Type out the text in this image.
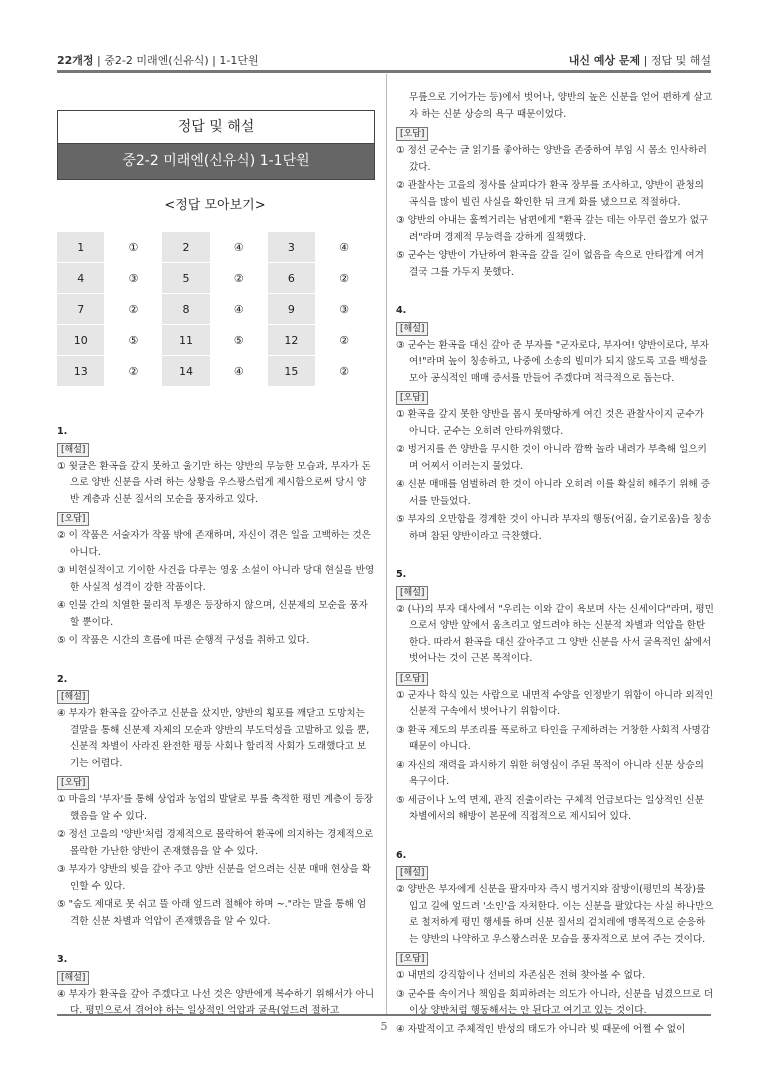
22개정 | 중2-2 미래엔(신유식) | 1-1단원	내신 예상 문제 | 정답 및 해설
정답 및 해설
중2-2 미래엔(신유식) 1-1단원
<정답 모아보기>
1	①	2	④	3	④
4	③	5	②	6	②
7	②	8	④	9	③
10	⑤	11	⑤	12	②
13	②	14	④	15	②
1.
[해설]
① 윗글은 환곡을 갚지 못하고 울기만 하는 양반의 무능한 모습과, 부자가 돈으로 양반 신분을 사려 하는 상황을 우스꽝스럽게 제시함으로써 당시 양반 계층과 신분 질서의 모순을 풍자하고 있다.
[오답]
② 이 작품은 서술자가 작품 밖에 존재하며, 자신이 겪은 일을 고백하는 것은 아니다.
③ 비현실적이고 기이한 사건을 다루는 영웅 소설이 아니라 당대 현실을 반영한 사실적 성격이 강한 작품이다.
④ 인물 간의 치열한 물리적 투쟁은 등장하지 않으며, 신분제의 모순을 풍자할 뿐이다.
⑤ 이 작품은 시간의 흐름에 따른 순행적 구성을 취하고 있다.
2.
[해설]
④ 부자가 환곡을 갚아주고 신분을 샀지만, 양반의 횡포를 깨닫고 도망치는 결말을 통해 신분제 자체의 모순과 양반의 부도덕성을 고발하고 있을 뿐, 신분적 차별이 사라진 완전한 평등 사회나 합리적 사회가 도래했다고 보기는 어렵다.
[오답]
① 마을의 '부자'를 통해 상업과 농업의 발달로 부를 축적한 평민 계층이 등장했음을 알 수 있다.
② 정선 고을의 '양반'처럼 경제적으로 몰락하여 환곡에 의지하는 경제적으로 몰락한 가난한 양반이 존재했음을 알 수 있다.
③ 부자가 양반의 빚을 갚아 주고 양반 신분을 얻으려는 신분 매매 현상을 확인할 수 있다.
⑤ "숨도 제대로 못 쉬고 뜰 아래 엎드려 절해야 하며 ~."라는 말을 통해 엄격한 신분 차별과 억압이 존재했음을 알 수 있다.
3.
[해설]
④ 부자가 환곡을 갚아 주겠다고 나선 것은 양반에게 복수하기 위해서가 아니다. 평민으로서 겪어야 하는 일상적인 억압과 굴욕(엎드려 절하고
무릎으로 기어가는 등)에서 벗어나, 양반의 높은 신분을 얻어 편하게 살고자 하는 신분 상승의 욕구 때문이었다.
[오답]
① 정선 군수는 글 읽기를 좋아하는 양반을 존중하여 부임 시 몸소 인사하러 갔다.
② 관찰사는 고을의 정사를 살피다가 환곡 장부를 조사하고, 양반이 관청의 곡식을 많이 빌린 사실을 확인한 뒤 크게 화를 냈으므로 적절하다.
③ 양반의 아내는 훌쩍거리는 남편에게 "환곡 갚는 데는 아무런 쓸모가 없구려"라며 경제적 무능력을 강하게 질책했다.
⑤ 군수는 양반이 가난하여 환곡을 갚을 길이 없음을 속으로 안타깝게 여겨 결국 그를 가두지 못했다.
4.
[해설]
③ 군수는 환곡을 대신 갚아 준 부자를 "군자로다, 부자여! 양반이로다, 부자여!"라며 높이 칭송하고, 나중에 소송의 빌미가 되지 않도록 고을 백성을 모아 공식적인 매매 증서를 만들어 주겠다며 적극적으로 돕는다.
[오답]
① 환곡을 갚지 못한 양반을 몹시 못마땅하게 여긴 것은 관찰사이지 군수가 아니다. 군수는 오히려 안타까워했다.
② 벙거지를 쓴 양반을 무시한 것이 아니라 깜짝 놀라 내려가 부축해 일으키며 어찌서 이러는지 물었다.
④ 신분 매매를 엄벌하려 한 것이 아니라 오히려 이를 확실히 해주기 위해 증서를 만들었다.
⑤ 부자의 오만함을 경계한 것이 아니라 부자의 행동(어짊, 슬기로움)을 칭송하며 참된 양반이라고 극찬했다.
5.
[해설]
② (나)의 부자 대사에서 "우리는 이와 같이 욕보며 사는 신세이다"라며, 평민으로서 양반 앞에서 움츠리고 엎드려야 하는 신분적 차별과 억압을 한탄한다. 따라서 환곡을 대신 갚아주고 그 양반 신분을 사서 굴욕적인 삶에서 벗어나는 것이 근본 목적이다.
[오답]
① 군자나 학식 있는 사람으로 내면적 수양을 인정받기 위함이 아니라 외적인 신분적 구속에서 벗어나기 위함이다.
③ 환곡 제도의 부조리를 폭로하고 타인을 구제하려는 거창한 사회적 사명감 때문이 아니다.
④ 자신의 재력을 과시하기 위한 허영심이 주된 목적이 아니라 신분 상승의 욕구이다.
⑤ 세금이나 노역 면제, 관직 진출이라는 구체적 언급보다는 일상적인 신분 차별에서의 해방이 본문에 직접적으로 제시되어 있다.
6.
[해설]
② 양반은 부자에게 신분을 팔자마자 즉시 벙거지와 잠방이(평민의 복장)를 입고 길에 엎드려 '소인'을 자처한다. 이는 신분을 팔았다는 사실 하나만으로 철저하게 평민 행세를 하며 신분 질서의 겉치레에 맹목적으로 순응하는 양반의 나약하고 우스꽝스러운 모습을 풍자적으로 보여 주는 것이다.
[오답]
① 내면의 강직함이나 선비의 자존심은 전혀 찾아볼 수 없다.
③ 군수를 속이거나 책임을 회피하려는 의도가 아니라, 신분을 넘겼으므로 더 이상 양반처럼 행동해서는 안 된다고 여기고 있는 것이다.
④ 자발적이고 주체적인 반성의 태도가 아니라 빚 때문에 어쩔 수 없이
5
